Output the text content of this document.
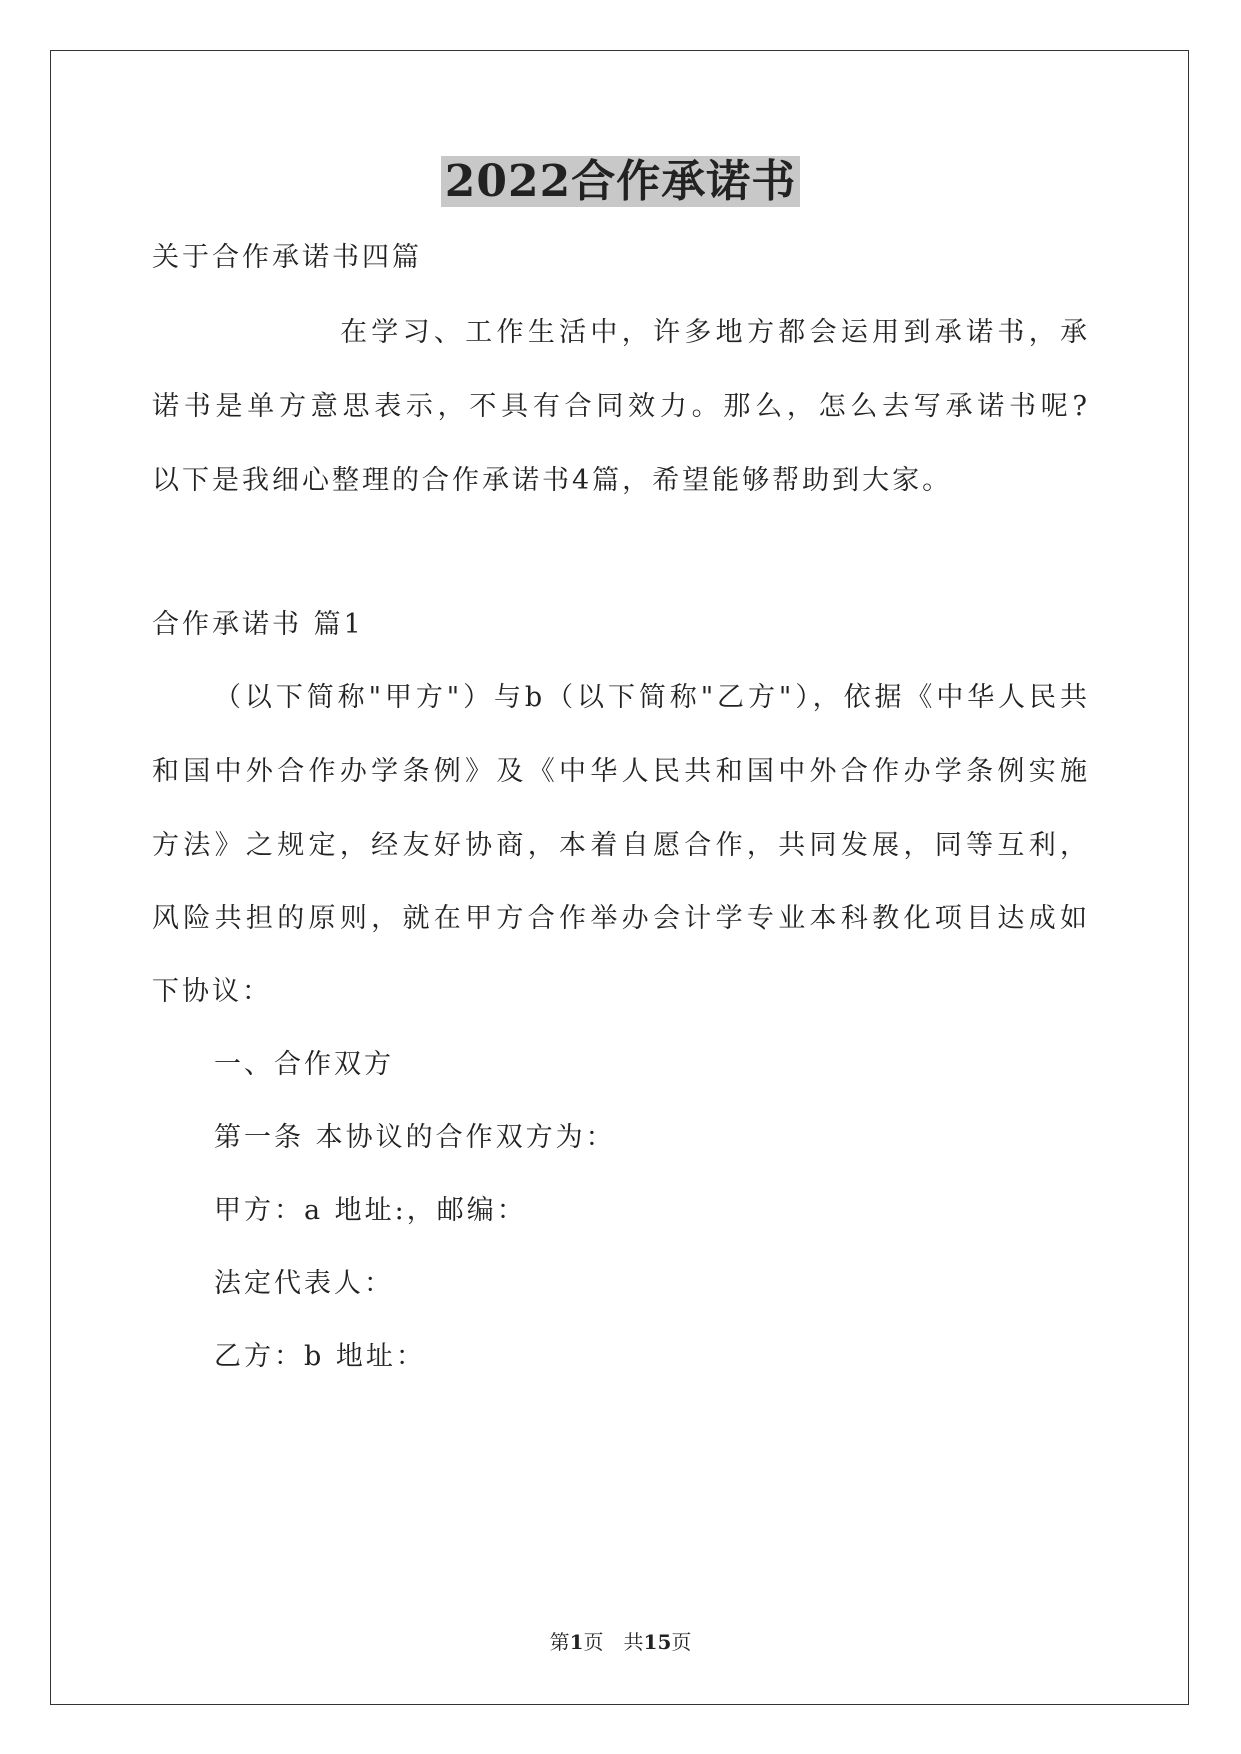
2022合作承诺书

关于合作承诺书四篇

在学习、工作生活中，许多地方都会运用到承诺书，承

诺书是单方意思表示，不具有合同效力。那么，怎么去写承诺书呢?

以下是我细心整理的合作承诺书4篇，希望能够帮助到大家。

合作承诺书 篇1

（以下简称"甲方"）与b（以下简称"乙方"），依据《中华人民共

和国中外合作办学条例》及《中华人民共和国中外合作办学条例实施

方法》之规定，经友好协商，本着自愿合作，共同发展，同等互利，

风险共担的原则，就在甲方合作举办会计学专业本科教化项目达成如

下协议：

一、合作双方

第一条 本协议的合作双方为：

甲方：a 地址:，邮编：

法定代表人：

乙方：b 地址：

第1页　共15页
